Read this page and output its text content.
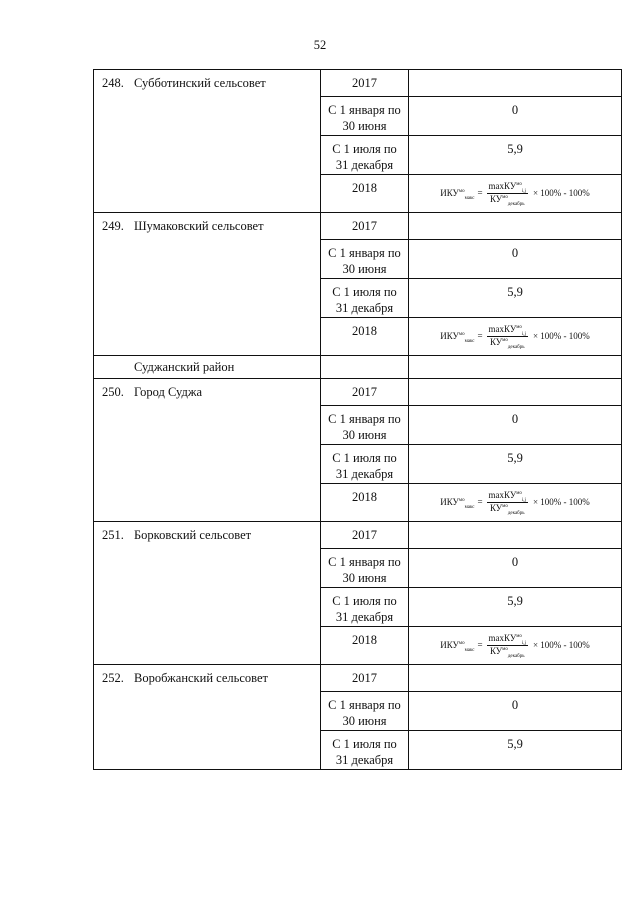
52
248. Субботинский сельсовет	2017	

	С 1 января по
30 июня	0

	С 1 июля по
31 декабря	5,9
	2018	$ИКУ^{мо}_{макс} = \frac{\max КУ^{мо}_{i,j}}{КУ^{мо}_{декабрь}} \times 100\% - 100\%$

249. Шумаковский сельсовет	2017	

	С 1 января по
30 июня	0

	С 1 июля по
31 декабря	5,9
	2018	$ИКУ^{мо}_{макс} = \frac{\max КУ^{мо}_{i,j}}{КУ^{мо}_{декабрь}} \times 100\% - 100\%$

Суджанский район		
250. Город Суджа	2017	

	С 1 января по
30 июня	0

	С 1 июля по
31 декабря	5,9
	2018	$ИКУ^{мо}_{макс} = \frac{\max КУ^{мо}_{i,j}}{КУ^{мо}_{декабрь}} \times 100\% - 100\%$

251. Борковский сельсовет	2017	

	С 1 января по
30 июня	0

	С 1 июля по
31 декабря	5,9
	2018	$ИКУ^{мо}_{макс} = \frac{\max КУ^{мо}_{i,j}}{КУ^{мо}_{декабрь}} \times 100\% - 100\%$

252. Воробжанский сельсовет	2017	

	С 1 января по
30 июня	0

	С 1 июля по
31 декабря	5,9
